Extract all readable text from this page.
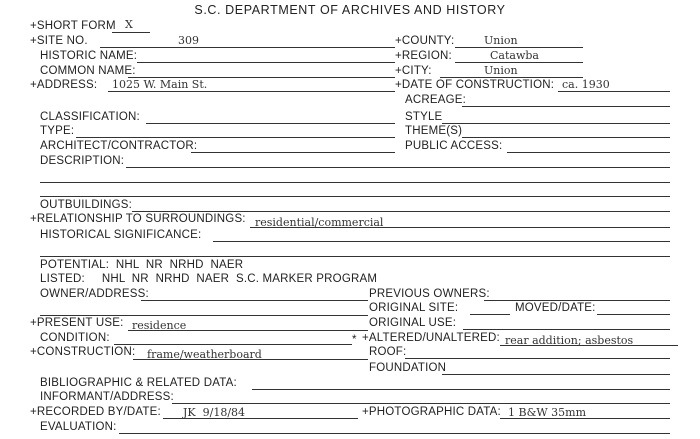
S.C. DEPARTMENT OF ARCHIVES AND HISTORY
+SHORT FORM X
+SITE NO.	309	+COUNTY:	Union
HISTORIC NAME:	+REGION:	Catawba
COMMON NAME:	+CITY:	Union
+ADDRESS: 1025 W. Main St.	+DATE OF CONSTRUCTION: ca. 1930
ACREAGE:
CLASSIFICATION:	STYLE
TYPE:	THEME(S)
ARCHITECT/CONTRACTOR:	PUBLIC ACCESS:
DESCRIPTION:
OUTBUILDINGS:
+RELATIONSHIP TO SURROUNDINGS: residential/commercial
HISTORICAL SIGNIFICANCE:
POTENTIAL:  NHL  NR  NRHD  NAER
LISTED:     NHL  NR  NRHD  NAER  S.C. MARKER PROGRAM
OWNER/ADDRESS:	PREVIOUS OWNERS:
ORIGINAL SITE:	MOVED/DATE:
+PRESENT USE: residence	ORIGINAL USE:
CONDITION:	* +ALTERED/UNALTERED: rear addition; asbestos
+CONSTRUCTION: frame/weatherboard	ROOF:
FOUNDATION
BIBLIOGRAPHIC & RELATED DATA:
INFORMANT/ADDRESS:
+RECORDED BY/DATE: JK  9/18/84	+PHOTOGRAPHIC DATA: 1 B&W 35mm
EVALUATION:
